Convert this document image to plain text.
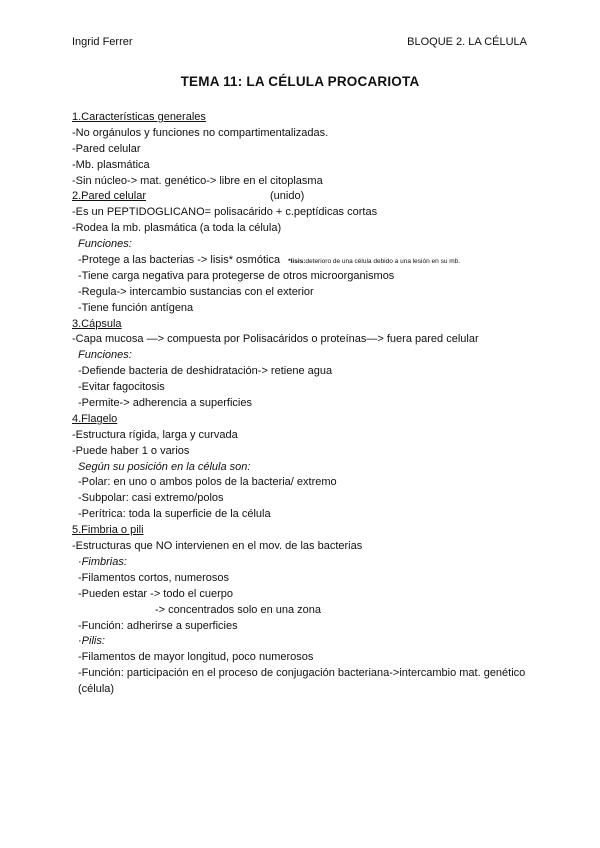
Ingrid Ferrer	BLOQUE 2. LA CÉLULA
TEMA 11: LA CÉLULA PROCARIOTA
1.Características generales
-No orgánulos y funciones no compartimentalizadas.
-Pared celular
-Mb. plasmática
-Sin núcleo-> mat. genético-> libre en el citoplasma
2.Pared celular	(unido)
-Es un PEPTIDOGLICANO= polisacárido + c.peptídicas cortas
-Rodea la mb. plasmática (a toda la célula)
Funciones:
-Protege a las bacterias -> lisis* osmótica *lisis:deterioro de una célula debido a una lesión en su mb.
-Tiene carga negativa para protegerse de otros microorganismos
-Regula-> intercambio sustancias con el exterior
-Tiene función antígena
3.Cápsula
-Capa mucosa —> compuesta por Polisacáridos o proteínas—> fuera pared celular
Funciones:
-Defiende bacteria de deshidratación-> retiene agua
-Evitar fagocitosis
-Permite-> adherencia a superficies
4.Flagelo
-Estructura rígida, larga y curvada
-Puede haber 1 o varios
Según su posición en la célula son:
-Polar: en uno o ambos polos de la bacteria/ extremo
-Subpolar: casi extremo/polos
-Perítrica: toda la superficie de la célula
5.Fimbria o pili
-Estructuras que NO intervienen en el mov. de las bacterias
·Fimbrias:
-Filamentos cortos, numerosos
-Pueden estar -> todo el cuerpo
-> concentrados solo en una zona
-Función: adherirse a superficies
·Pilis:
-Filamentos de mayor longitud, poco numerosos
-Función: participación en el proceso de conjugación bacteriana->intercambio mat. genético (célula)
